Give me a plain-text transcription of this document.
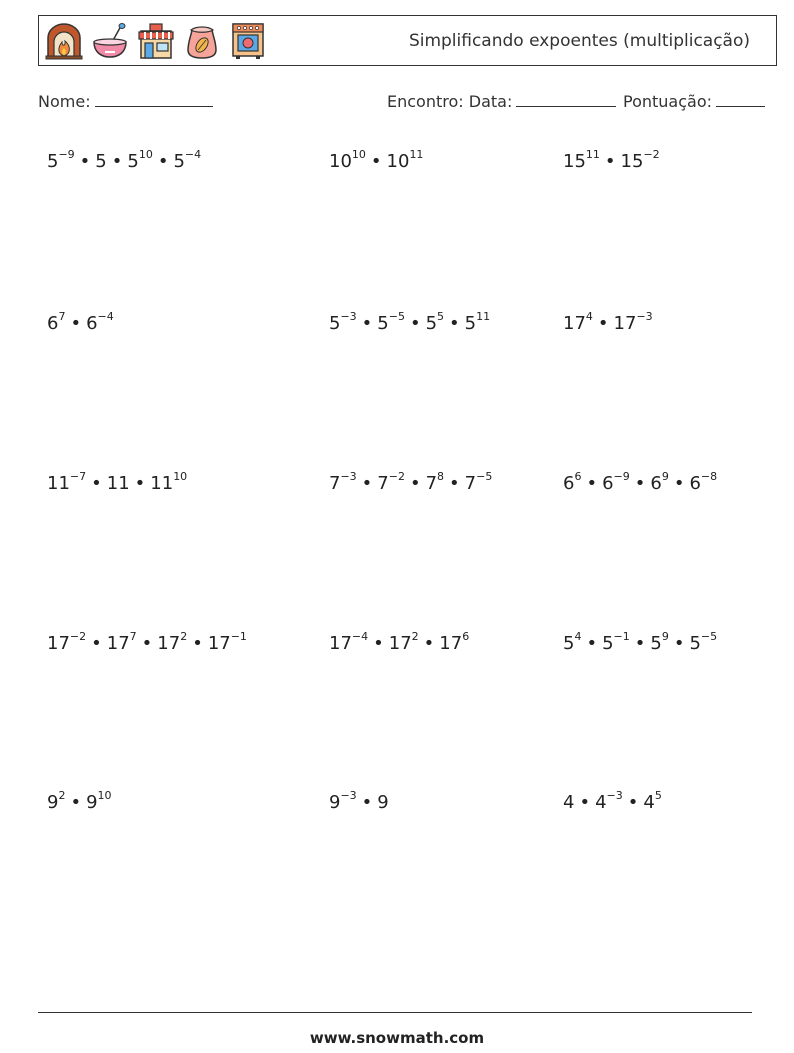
Simplificando expoentes (multiplicação)
Nome:	Encontro: Data:	Pontuação:
$5^{-9}$ • 5 • $5^{10}$ • $5^{-4}$	$10^{10}$ • $10^{11}$	$15^{11}$ • $15^{-2}$
$6^7$ • $6^{-4}$	$5^{-3}$ • $5^{-5}$ • $5^5$ • $5^{11}$	$17^4$ • $17^{-3}$
$11^{-7}$ • 11 • $11^{10}$	$7^{-3}$ • $7^{-2}$ • $7^8$ • $7^{-5}$	$6^6$ • $6^{-9}$ • $6^9$ • $6^{-8}$
$17^{-2}$ • $17^7$ • $17^2$ • $17^{-1}$	$17^{-4}$ • $17^2$ • $17^6$	$5^4$ • $5^{-1}$ • $5^9$ • $5^{-5}$
$9^2$ • $9^{10}$	$9^{-3}$ • 9	4 • $4^{-3}$ • $4^5$
www.snowmath.com
